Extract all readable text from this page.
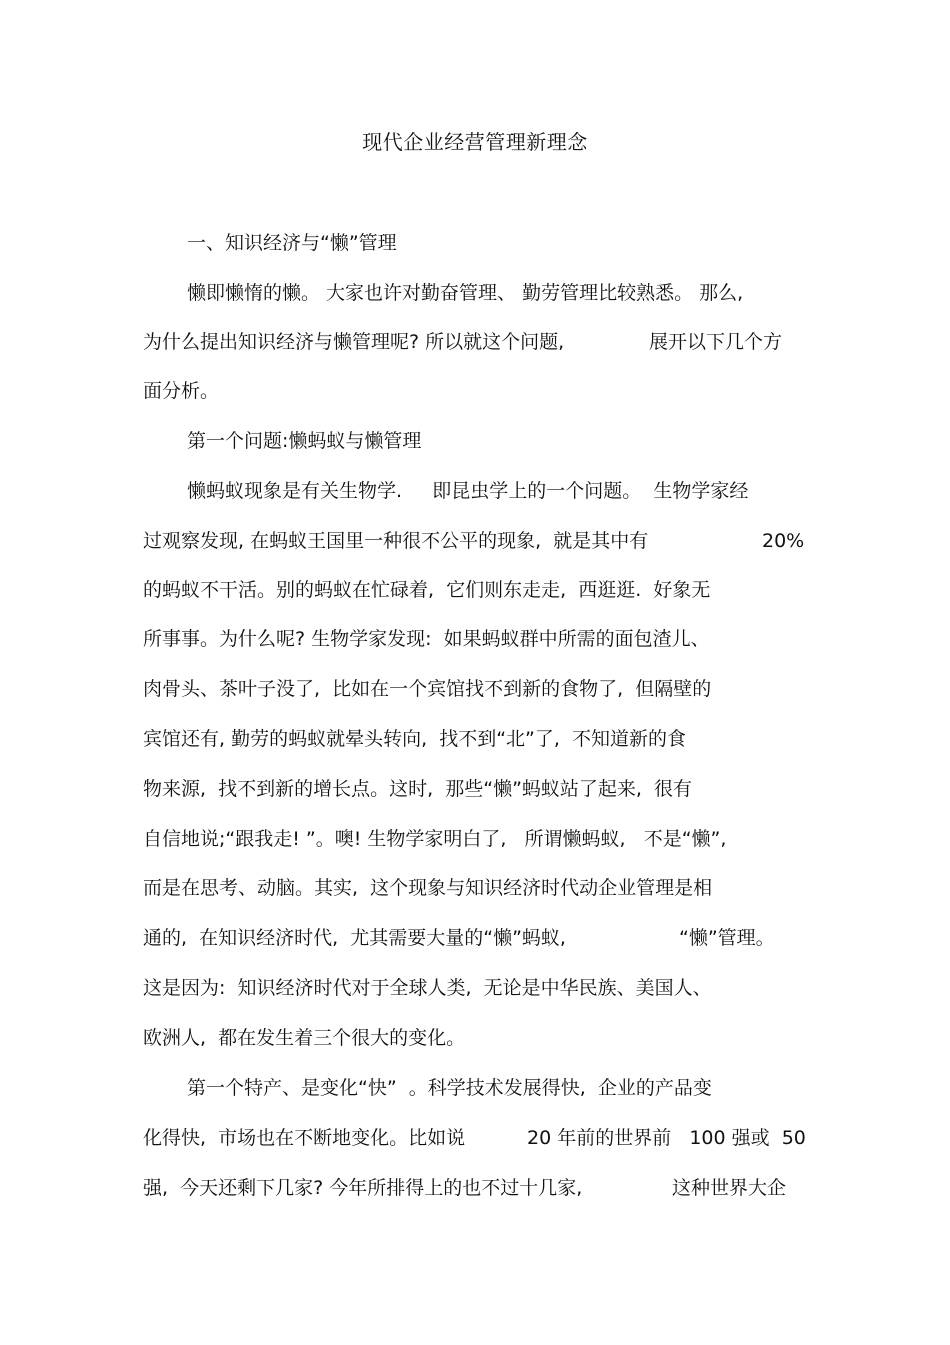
现代企业经营管理新理念
一、知识经济与“懒”管理
懒即懒惰的懒。 大家也许对勤奋管理、 勤劳管理比较熟悉。 那么,
为什么提出知识经济与懒管理呢? 所以就这个问题,	展开以下几个方
面分析。
第一个问题:懒蚂蚁与懒管理
懒蚂蚁现象是有关生物学.     即昆虫学上的一个问题。  生物学家经
过观察发现, 在蚂蚁王国里一种很不公平的现象,  就是其中有	20%
的蚂蚁不干活。别的蚂蚁在忙碌着,  它们则东走走,  西逛逛.  好象无
所事事。为什么呢? 生物学家发现:  如果蚂蚁群中所需的面包渣儿、
肉骨头、茶叶子没了,  比如在一个宾馆找不到新的食物了,  但隔壁的
宾馆还有, 勤劳的蚂蚁就晕头转向,  找不到“北”了,  不知道新的食
物来源,  找不到新的增长点。这时,  那些“懒”蚂蚁站了起来,  很有
自信地说;“跟我走! ”。噢! 生物学家明白了,   所谓懒蚂蚁,   不是“懒”,
而是在思考、动脑。其实,  这个现象与知识经济时代动企业管理是相
通的,  在知识经济时代,  尤其需要大量的“懒”蚂蚁,	“懒”管理。
这是因为:  知识经济时代对于全球人类,  无论是中华民族、美国人、
欧洲人,  都在发生着三个很大的变化。
第一个特产、是变化“快”  。科学技术发展得快,  企业的产品变
化得快,  市场也在不断地变化。比如说	20 年前的世界前   100 强或  50
强,  今天还剩下几家? 今年所排得上的也不过十几家,	这种世界大企
